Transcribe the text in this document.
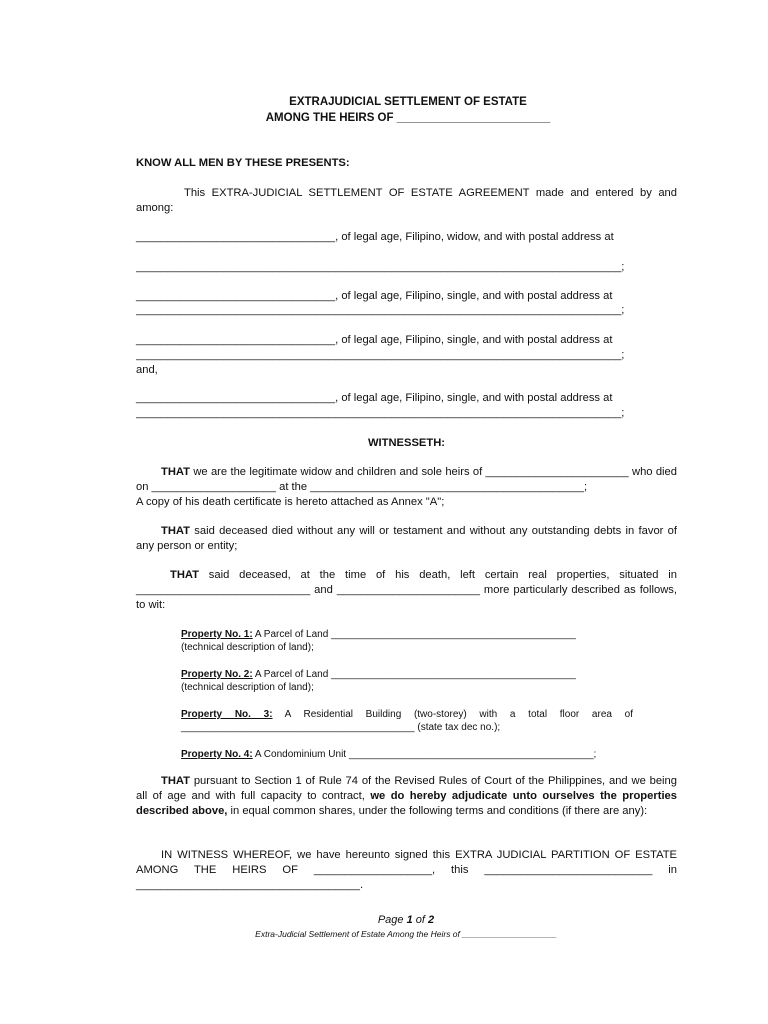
EXTRAJUDICIAL SETTLEMENT OF ESTATE
AMONG THE HEIRS OF ________________________
KNOW ALL MEN BY THESE PRESENTS:
This EXTRA-JUDICIAL SETTLEMENT OF ESTATE AGREEMENT made and entered by and among:
________________________________, of legal age, Filipino, widow, and with postal address at
______________________________________________________________________________;
________________________________, of legal age, Filipino, single, and with postal address at
______________________________________________________________________________;
________________________________, of legal age, Filipino, single, and with postal address at
______________________________________________________________________________;
and,
________________________________, of legal age, Filipino, single, and with postal address at
______________________________________________________________________________;
WITNESSETH:
THAT we are the legitimate widow and children and sole heirs of _______________________ who died on ____________________ at the ____________________________________________;
A copy of his death certificate is hereto attached as Annex "A";
THAT said deceased died without any will or testament and without any outstanding debts in favor of any person or entity;
THAT said deceased, at the time of his death, left certain real properties, situated in ____________________________ and _______________________ more particularly described as follows, to wit:
Property No. 1: A Parcel of Land ____________________________________________
(technical description of land);
Property No. 2: A Parcel of Land ____________________________________________
(technical description of land);
Property No. 3: A Residential Building (two-storey) with a total floor area of
__________________________________________ (state tax dec no.);
Property No. 4: A Condominium Unit ____________________________________________;
THAT pursuant to Section 1 of Rule 74 of the Revised Rules of Court of the Philippines, and we being all of age and with full capacity to contract, we do hereby adjudicate unto ourselves the properties described above, in equal common shares, under the following terms and conditions (if there are any):
IN WITNESS WHEREOF, we have hereunto signed this EXTRA JUDICIAL PARTITION OF ESTATE AMONG THE HEIRS OF ___________________, this ___________________________ in ____________________________________.
Page 1 of 2
Extra-Judicial Settlement of Estate Among the Heirs of ____________________
